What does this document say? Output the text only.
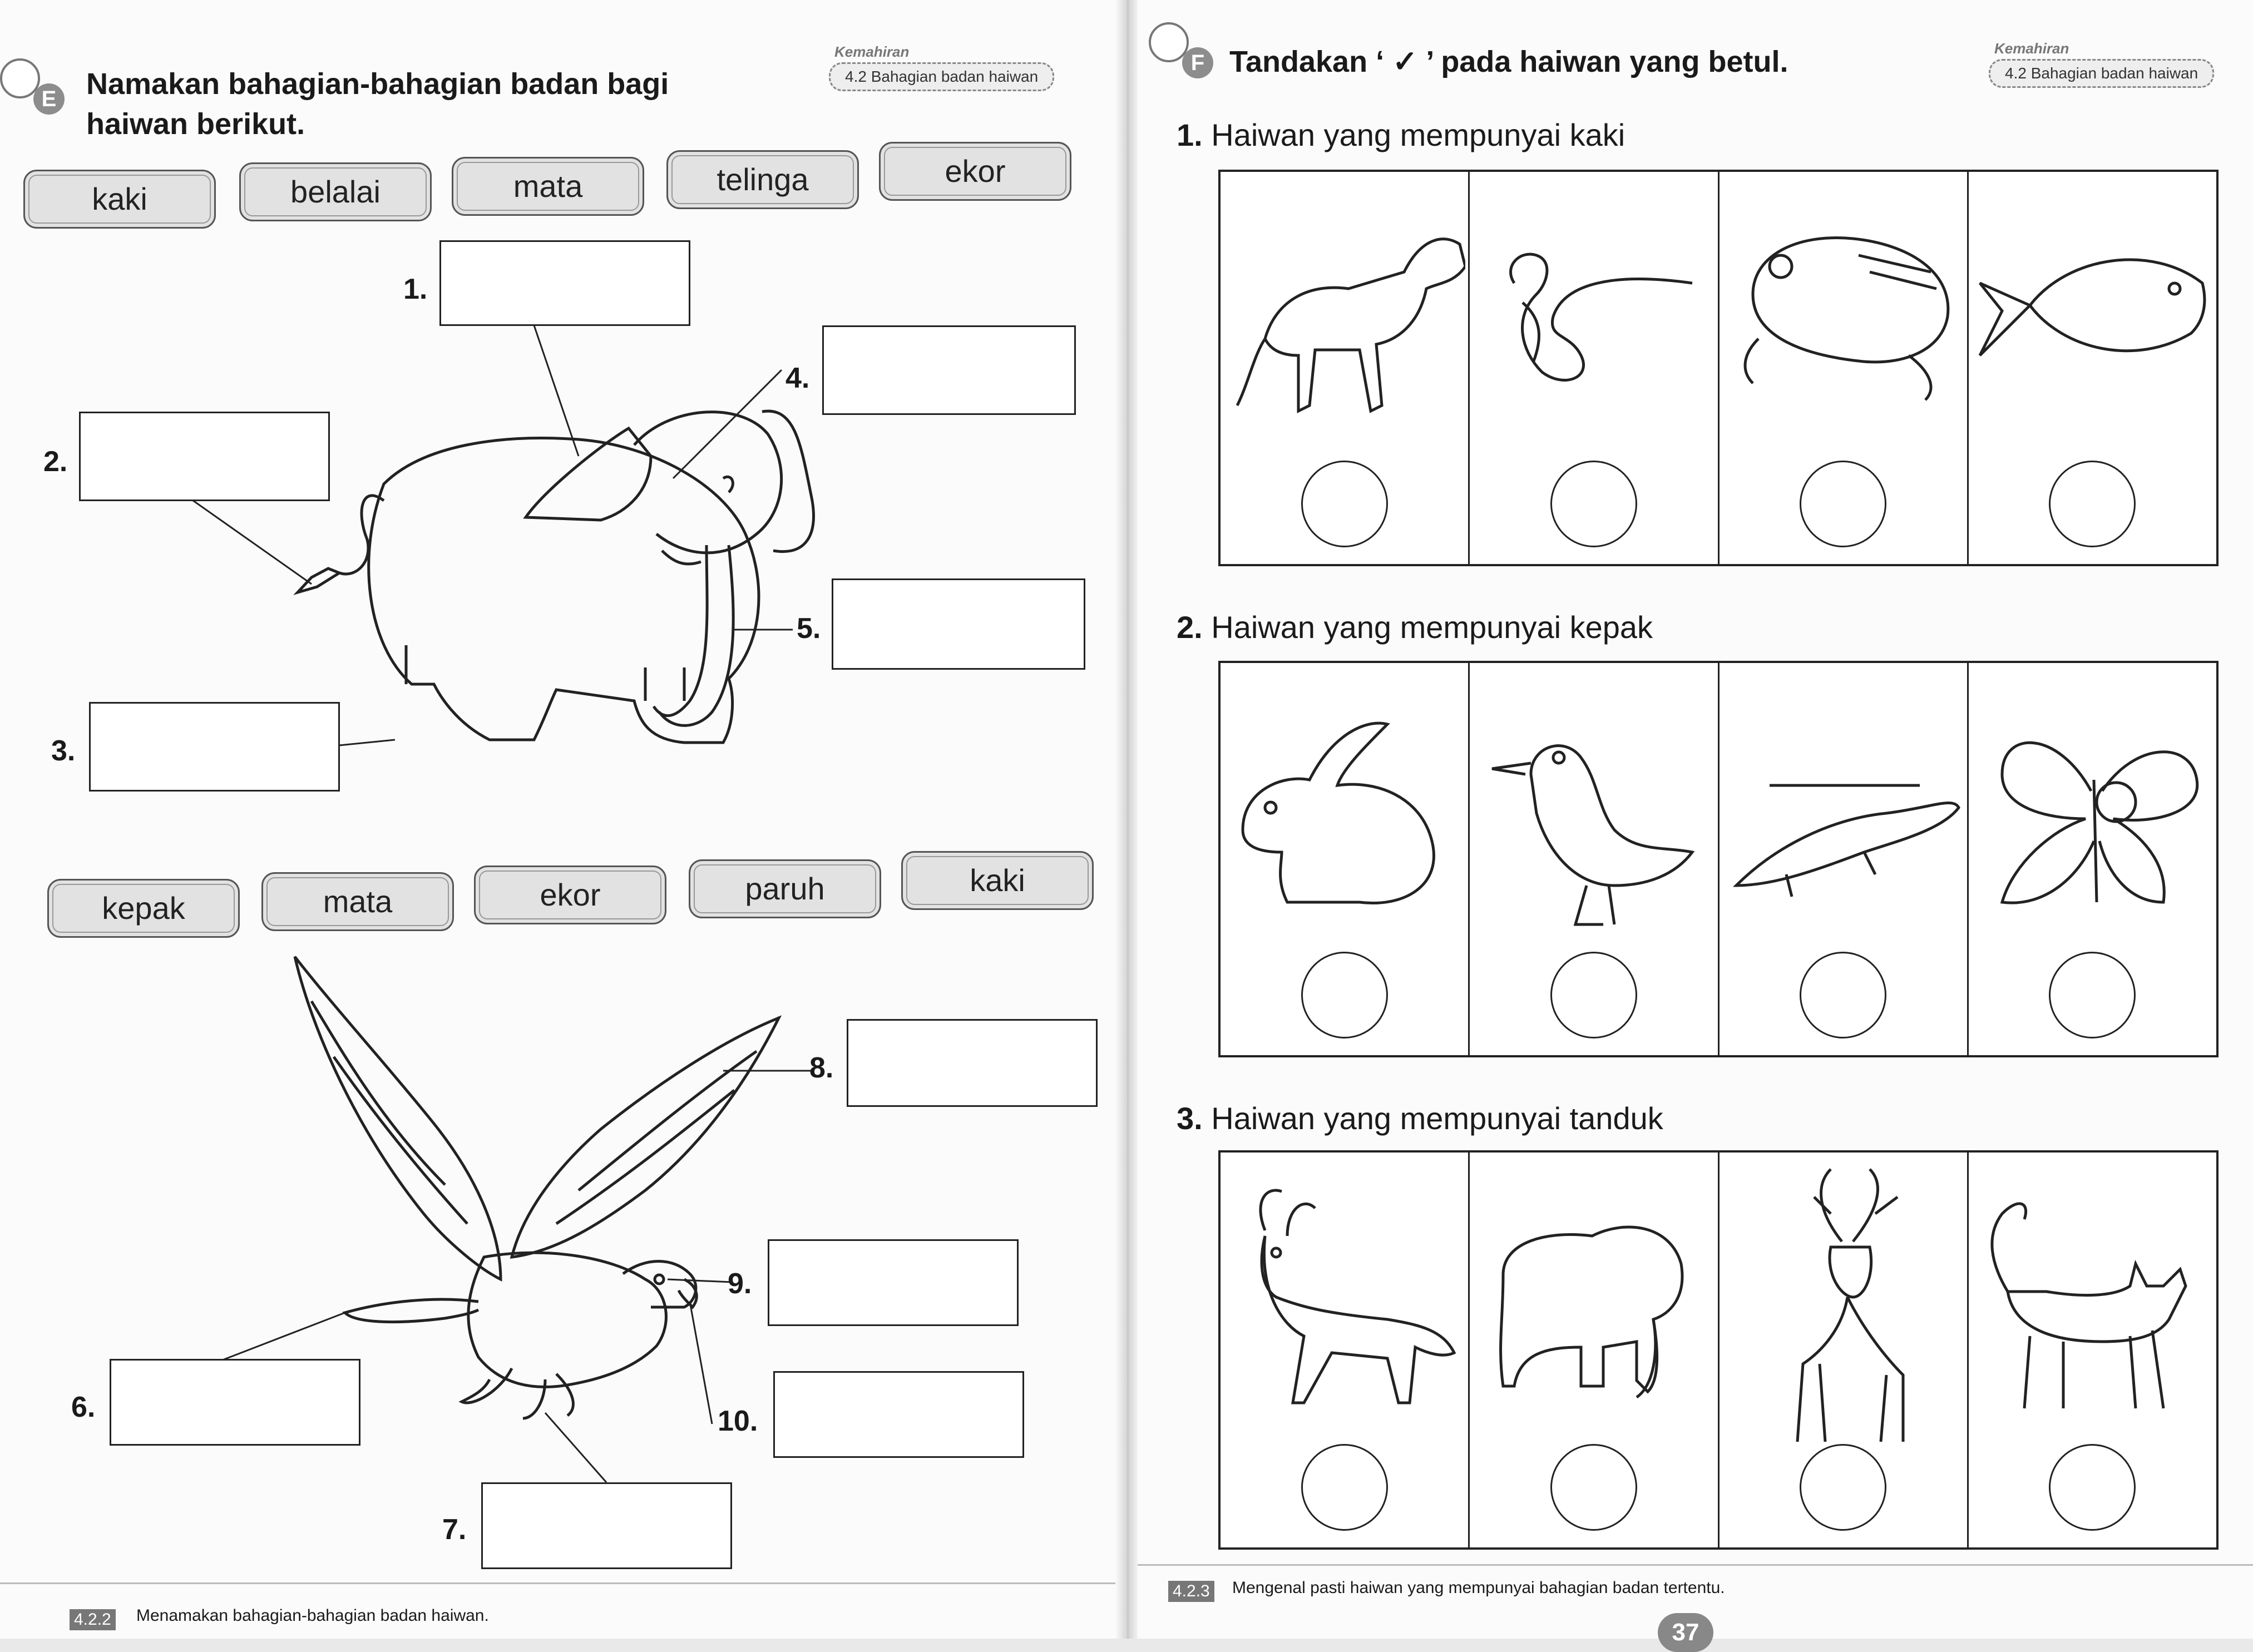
E Namakan bahagian-bahagian badan bagi
haiwan berikut.
Kemahiran
4.2 Bahagian badan haiwan
kaki	belalai	mata	telinga	ekor
1.
2.
3.
4.
5.
kepak	mata	ekor	paruh	kaki
8.
9.
10.
6.
7.
4.2.2 Menamakan bahagian-bahagian badan haiwan.
F Tandakan ‘ ✓ ’ pada haiwan yang betul.	Kemahiran
4.2 Bahagian badan haiwan
1. Haiwan yang mempunyai kaki
2. Haiwan yang mempunyai kepak
3. Haiwan yang mempunyai tanduk
4.2.3 Mengenal pasti haiwan yang mempunyai bahagian badan tertentu.
37
